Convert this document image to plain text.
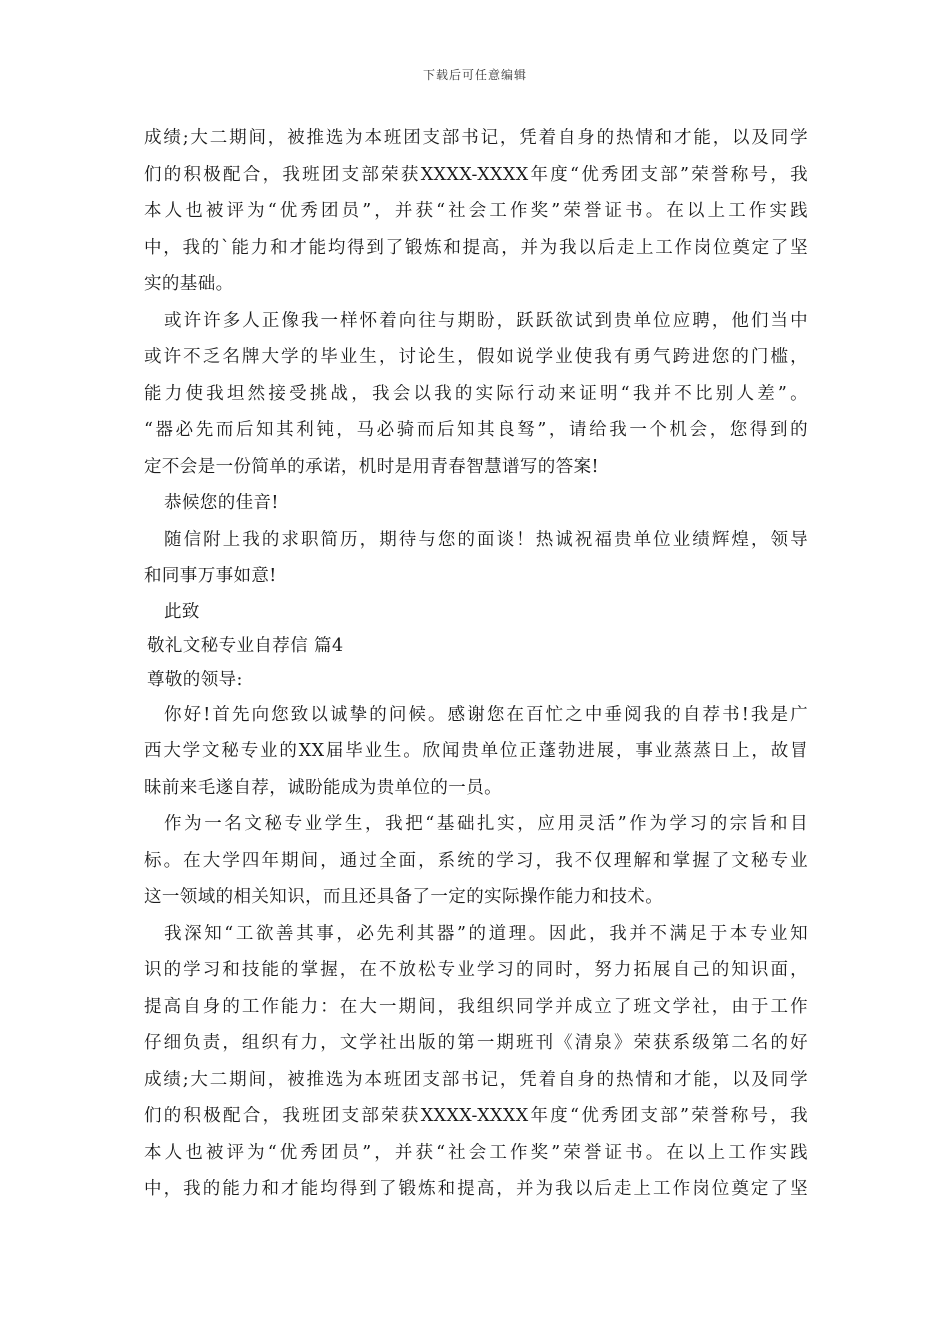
下载后可任意编辑
成绩;大二期间，被推选为本班团支部书记，凭着自身的热情和才能，以及同学
们的积极配合，我班团支部荣获XXXX-XXXX年度“优秀团支部”荣誉称号，我
本人也被评为“优秀团员”，并获“社会工作奖”荣誉证书。在以上工作实践
中，我的`能力和才能均得到了锻炼和提高，并为我以后走上工作岗位奠定了坚
实的基础。
或许许多人正像我一样怀着向往与期盼，跃跃欲试到贵单位应聘，他们当中
或许不乏名牌大学的毕业生，讨论生，假如说学业使我有勇气跨进您的门槛，
能力使我坦然接受挑战，我会以我的实际行动来证明“我并不比别人差”。
“器必先而后知其利钝，马必骑而后知其良驽”，请给我一个机会，您得到的
定不会是一份简单的承诺，机时是用青春智慧谱写的答案!
恭候您的佳音!
随信附上我的求职简历，期待与您的面谈！热诚祝福贵单位业绩辉煌，领导
和同事万事如意!
此致
敬礼文秘专业自荐信 篇4
尊敬的领导:
你好!首先向您致以诚挚的问候。感谢您在百忙之中垂阅我的自荐书!我是广
西大学文秘专业的XX届毕业生。欣闻贵单位正蓬勃进展，事业蒸蒸日上，故冒
昧前来毛遂自荐，诚盼能成为贵单位的一员。
作为一名文秘专业学生，我把“基础扎实，应用灵活”作为学习的宗旨和目
标。在大学四年期间，通过全面，系统的学习，我不仅理解和掌握了文秘专业
这一领域的相关知识，而且还具备了一定的实际操作能力和技术。
我深知“工欲善其事，必先利其器”的道理。因此，我并不满足于本专业知
识的学习和技能的掌握，在不放松专业学习的同时，努力拓展自己的知识面，
提高自身的工作能力：在大一期间，我组织同学并成立了班文学社，由于工作
仔细负责，组织有力，文学社出版的第一期班刊《清泉》荣获系级第二名的好
成绩;大二期间，被推选为本班团支部书记，凭着自身的热情和才能，以及同学
们的积极配合，我班团支部荣获XXXX-XXXX年度“优秀团支部”荣誉称号，我
本人也被评为“优秀团员”，并获“社会工作奖”荣誉证书。在以上工作实践
中，我的能力和才能均得到了锻炼和提高，并为我以后走上工作岗位奠定了坚
